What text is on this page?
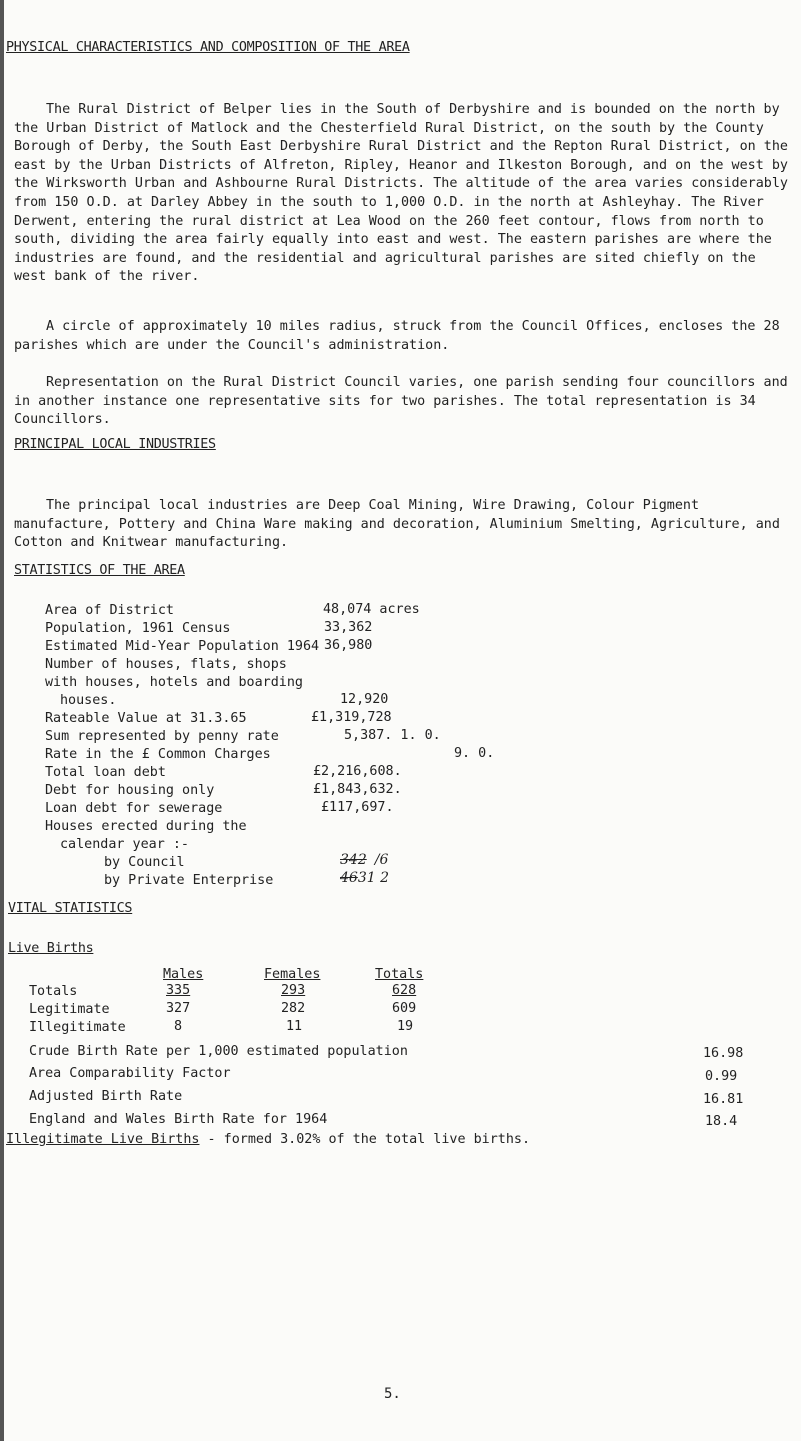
PHYSICAL CHARACTERISTICS AND COMPOSITION OF THE AREA
The Rural District of Belper lies in the South of Derbyshire and is bounded on the north by the Urban District of Matlock and the Chesterfield Rural District, on the south by the County Borough of Derby, the South East Derbyshire Rural District and the Repton Rural District, on the east by the Urban Districts of Alfreton, Ripley, Heanor and Ilkeston Borough, and on the west by the Wirksworth Urban and Ashbourne Rural Districts. The altitude of the area varies considerably from 150 O.D. at Darley Abbey in the south to 1,000 O.D. in the north at Ashleyhay. The River Derwent, entering the rural district at Lea Wood on the 260 feet contour, flows from north to south, dividing the area fairly equally into east and west. The eastern parishes are where the industries are found, and the residential and agricultural parishes are sited chiefly on the west bank of the river.
A circle of approximately 10 miles radius, struck from the Council Offices, encloses the 28 parishes which are under the Council's administration.
Representation on the Rural District Council varies, one parish sending four councillors and in another instance one representative sits for two parishes. The total representation is 34 Councillors.
PRINCIPAL LOCAL INDUSTRIES
The principal local industries are Deep Coal Mining, Wire Drawing, Colour Pigment manufacture, Pottery and China Ware making and decoration, Aluminium Smelting, Agriculture, and Cotton and Knitwear manufacturing.
STATISTICS OF THE AREA
Area of District	48,074 acres
Population, 1961 Census	33,362
Estimated Mid-Year Population 1964 36,980
Number of houses, flats, shops
with houses, hotels and boarding
houses.	12,920
Rateable Value at 31.3.65	£1,319,728
Sum represented by penny rate	5,387. 1. 0.
Rate in the £ Common Charges	9. 0.
Total loan debt	£2,216,608.
Debt for housing only	£1,843,632.
Loan debt for sewerage	£117,697.
Houses erected during the
calendar year :-
by Council	342 /6
by Private Enterprise	4631 2
VITAL STATISTICS
Live Births
Males	Females	Totals
Totals	335	293	628
Legitimate	327	282	609
Illegitimate	8	11	19
Crude Birth Rate per 1,000 estimated population	16.98
Area Comparability Factor	0.99
Adjusted Birth Rate	16.81
England and Wales Birth Rate for 1964	18.4
Illegitimate Live Births - formed 3.02% of the total live births.
5.
